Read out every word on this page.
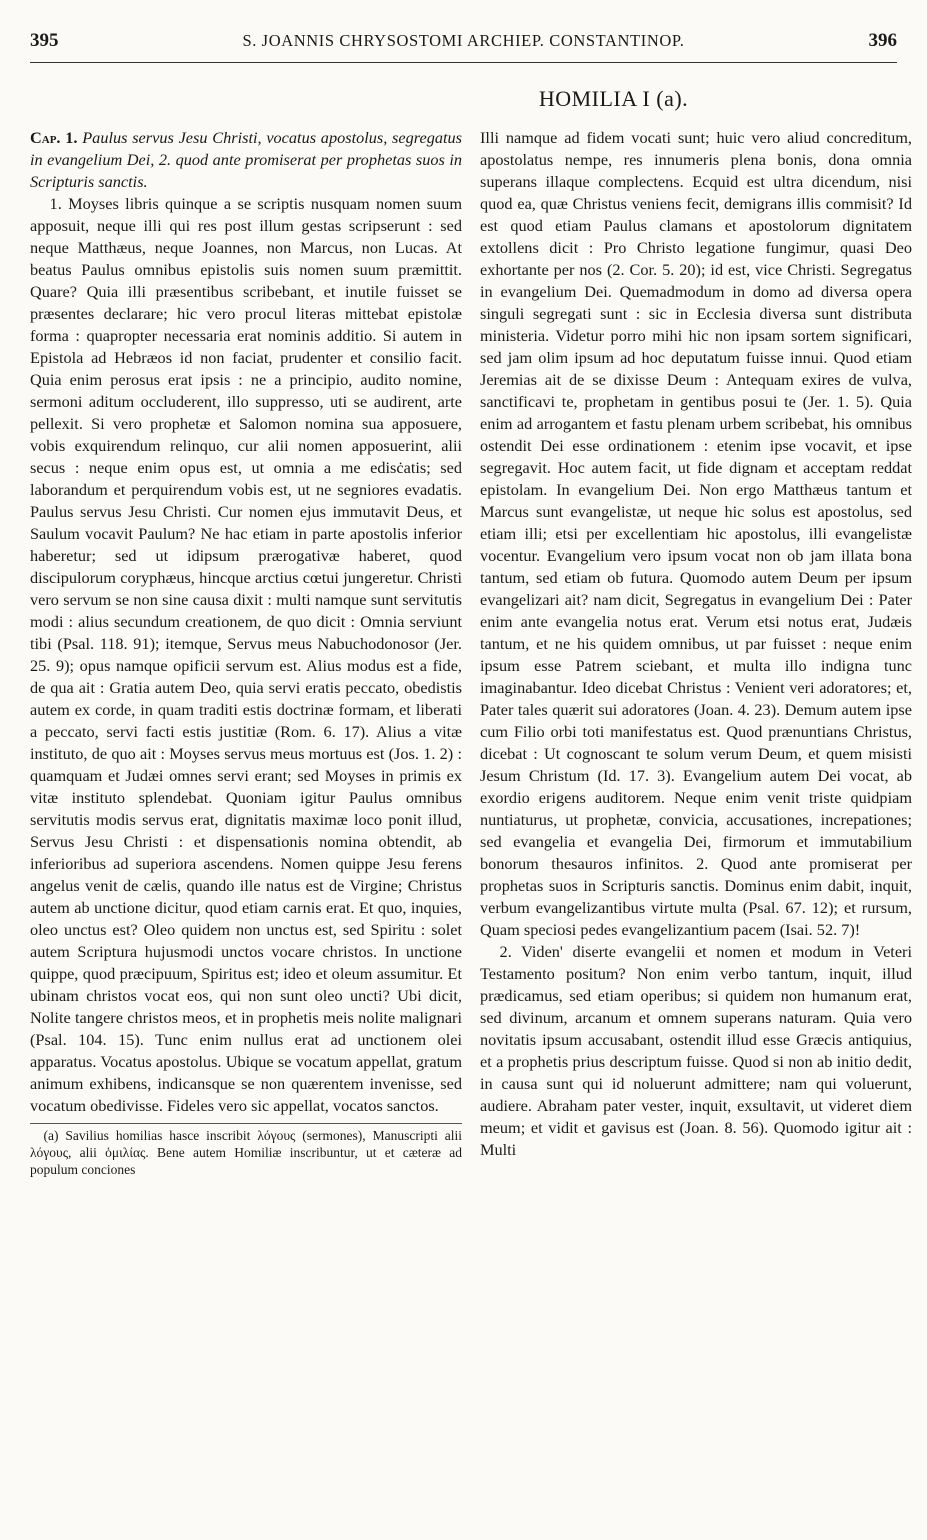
395	S. JOANNIS CHRYSOSTOMI ARCHIEP. CONSTANTINOP.	396
HOMILIA I (a).

Cap. 1. Paulus servus Jesu Christi, vocatus apostolus, segregatus in evangelium Dei, 2. quod ante promiserat per prophetas suos in Scripturis sanctis.

1. Moyses libris quinque a se scriptis nusquam nomen suum apposuit, neque illi qui res post illum gestas scripserunt : sed neque Matthæus, neque Joannes, non Marcus, non Lucas. At beatus Paulus omnibus epistolis suis nomen suum præmittit. Quare? Quia illi præsentibus scribebant, et inutile fuisset se præsentes declarare; hic vero procul literas mittebat epistolæ forma : quapropter necessaria erat nominis additio. Si autem in Epistola ad Hebræos id non faciat, prudenter et consilio facit. Quia enim perosus erat ipsis : ne a principio, audito nomine, sermoni aditum occluderent, illo suppresso, uti se audirent, arte pellexit. Si vero prophetæ et Salomon nomina sua apposuere, vobis exquirendum relinquo, cur alii nomen apposuerint, alii secus : neque enim opus est, ut omnia a me edisċatis; sed laborandum et perquirendum vobis est, ut ne segniores evadatis. Paulus servus Jesu Christi. Cur nomen ejus immutavit Deus, et Saulum vocavit Paulum? Ne hac etiam in parte apostolis inferior haberetur; sed ut idipsum prærogativæ haberet, quod discipulorum coryphæus, hincque arctius cœtui jungeretur. Christi vero servum se non sine causa dixit : multi namque sunt servitutis modi : alius secundum creationem, de quo dicit : Omnia serviunt tibi (Psal. 118. 91); itemque, Servus meus Nabuchodonosor (Jer. 25. 9); opus namque opificii servum est. Alius modus est a fide, de qua ait : Gratia autem Deo, quia servi eratis peccato, obedistis autem ex corde, in quam traditi estis doctrinæ formam, et liberati a peccato, servi facti estis justitiæ (Rom. 6. 17). Alius a vitæ instituto, de quo ait : Moyses servus meus mortuus est (Jos. 1. 2) : quamquam et Judæi omnes servi erant; sed Moyses in primis ex vitæ instituto splendebat. Quoniam igitur Paulus omnibus servitutis modis servus erat, dignitatis maximæ loco ponit illud, Servus Jesu Christi : et dispensationis nomina obtendit, ab inferioribus ad superiora ascendens. Nomen quippe Jesu ferens angelus venit de cælis, quando ille natus est de Virgine; Christus autem ab unctione dicitur, quod etiam carnis erat. Et quo, inquies, oleo unctus est? Oleo quidem non unctus est, sed Spiritu : solet autem Scriptura hujusmodi unctos vocare christos. In unctione quippe, quod præcipuum, Spiritus est; ideo et oleum assumitur. Et ubinam christos vocat eos, qui non sunt oleo uncti? Ubi dicit, Nolite tangere christos meos, et in prophetis meis nolite malignari (Psal. 104. 15). Tunc enim nullus erat ad unctionem olei apparatus. Vocatus apostolus. Ubique se vocatum appellat, gratum animum exhibens, indicansque se non quærentem invenisse, sed vocatum obedivisse. Fideles vero sic appellat, vocatos sanctos.

(a) Savilius homilias hasce inscribit λόγους (sermones), Manuscripti alii λόγους, alii ὁμιλίας. Bene autem Homiliæ inscribuntur, ut et cæteræ ad populum conciones

Illi namque ad fidem vocati sunt; huic vero aliud concreditum, apostolatus nempe, res innumeris plena bonis, dona omnia superans illaque complectens. Ecquid est ultra dicendum, nisi quod ea, quæ Christus veniens fecit, demigrans illis commisit? Id est quod etiam Paulus clamans et apostolorum dignitatem extollens dicit : Pro Christo legatione fungimur, quasi Deo exhortante per nos (2. Cor. 5. 20); id est, vice Christi. Segregatus in evangelium Dei. Quemadmodum in domo ad diversa opera singuli segregati sunt : sic in Ecclesia diversa sunt distributa ministeria. Videtur porro mihi hic non ipsam sortem significari, sed jam olim ipsum ad hoc deputatum fuisse innui. Quod etiam Jeremias ait de se dixisse Deum : Antequam exires de vulva, sanctificavi te, prophetam in gentibus posui te (Jer. 1. 5). Quia enim ad arrogantem et fastu plenam urbem scribebat, his omnibus ostendit Dei esse ordinationem : etenim ipse vocavit, et ipse segregavit. Hoc autem facit, ut fide dignam et acceptam reddat epistolam. In evangelium Dei. Non ergo Matthæus tantum et Marcus sunt evangelistæ, ut neque hic solus est apostolus, sed etiam illi; etsi per excellentiam hic apostolus, illi evangelistæ vocentur. Evangelium vero ipsum vocat non ob jam illata bona tantum, sed etiam ob futura. Quomodo autem Deum per ipsum evangelizari ait? nam dicit, Segregatus in evangelium Dei : Pater enim ante evangelia notus erat. Verum etsi notus erat, Judæis tantum, et ne his quidem omnibus, ut par fuisset : neque enim ipsum esse Patrem sciebant, et multa illo indigna tunc imaginabantur. Ideo dicebat Christus : Venient veri adoratores; et, Pater tales quærit sui adoratores (Joan. 4. 23). Demum autem ipse cum Filio orbi toti manifestatus est. Quod prænuntians Christus, dicebat : Ut cognoscant te solum verum Deum, et quem misisti Jesum Christum (Id. 17. 3). Evangelium autem Dei vocat, ab exordio erigens auditorem. Neque enim venit triste quidpiam nuntiaturus, ut prophetæ, convicia, accusationes, increpationes; sed evangelia et evangelia Dei, firmorum et immutabilium bonorum thesauros infinitos. 2. Quod ante promiserat per prophetas suos in Scripturis sanctis. Dominus enim dabit, inquit, verbum evangelizantibus virtute multa (Psal. 67. 12); et rursum, Quam speciosi pedes evangelizantium pacem (Isai. 52. 7)!

2. Viden' diserte evangelii et nomen et modum in Veteri Testamento positum? Non enim verbo tantum, inquit, illud prædicamus, sed etiam operibus; si quidem non humanum erat, sed divinum, arcanum et omnem superans naturam. Quia vero novitatis ipsum accusabant, ostendit illud esse Græcis antiquius, et a prophetis prius descriptum fuisse. Quod si non ab initio dedit, in causa sunt qui id noluerunt admittere; nam qui voluerunt, audiere. Abraham pater vester, inquit, exsultavit, ut videret diem meum; et vidit et gavisus est (Joan. 8. 56). Quomodo igitur ait : Multi
